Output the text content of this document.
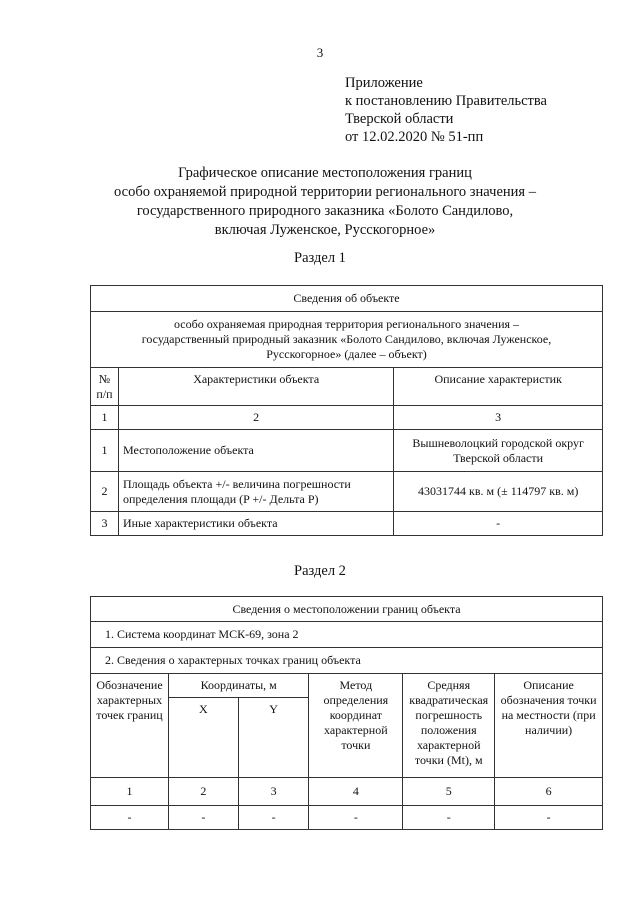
3
Приложение
к постановлению Правительства
Тверской области
от 12.02.2020 № 51-пп
Графическое описание местоположения границ
особо охраняемой природной территории регионального значения –
государственного природного заказника «Болото Сандилово,
включая Луженское, Русскогорное»
Раздел 1
Сведения об объекте		

особо охраняемая природная территория регионального значения –
государственный природный заказник «Болото Сандилово, включая Луженское,
Русскогорное» (далее – объект)		

№ п/п	Характеристики объекта	Описание характеристик
1	2	3
1	Местоположение объекта	Вышневолоцкий городской округ Тверской области
2	Площадь объекта +/- величина погрешности определения площади (P +/- Дельта P)	43031744 кв. м (± 114797 кв. м)
3	Иные характеристики объекта	-
Раздел 2
Сведения о местоположении границ объекта					
1. Система координат МСК-69, зона 2					
2. Сведения о характерных точках границ объекта					
Обозначение характерных точек границ	Координаты, м		Метод определения координат характерной точки	Средняя квадратическая погрешность положения характерной точки (Mt), м	Описание обозначения точки на местности (при наличии)
	X	Y			
1	2	3	4	5	6
-	-	-	-	-	-
